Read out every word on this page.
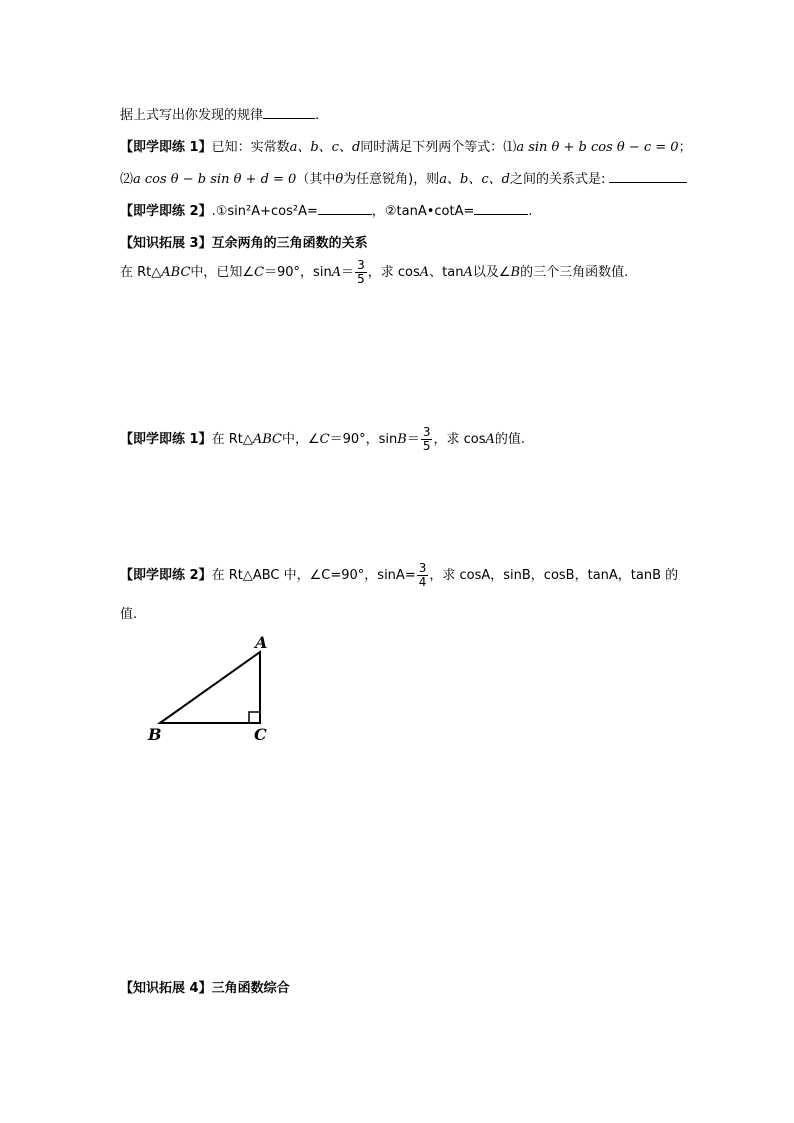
据上式写出你发现的规律	.
【即学即练 1】已知：实常数a、b、c、d同时满足下列两个等式：⑴a sin θ + b cos θ − c = 0；
⑵a cos θ − b sin θ + d = 0（其中θ为任意锐角)，则a、b、c、d之间的关系式是:
【即学即练 2】.①sin²A+cos²A=	，②tanA•cotA=	.
【知识拓展 3】互余两角的三角函数的关系
在 Rt△ABC中，已知∠C＝90°，$\sin A= \frac{3}{5}$ ，求 cosA、tanA以及∠B的三个三角函数值.
【即学即练 1】在 Rt△ABC中，∠C＝90°，$\sin B= \frac{3}{5}$ ，求 cosA的值.
【即学即练 2】在 Rt△ABC 中，∠C=90°，$\sin A= \frac{3}{4}$ ，求 cosA，sinB，cosB，tanA，tanB 的
值.
A
B	C
【知识拓展 4】三角函数综合
